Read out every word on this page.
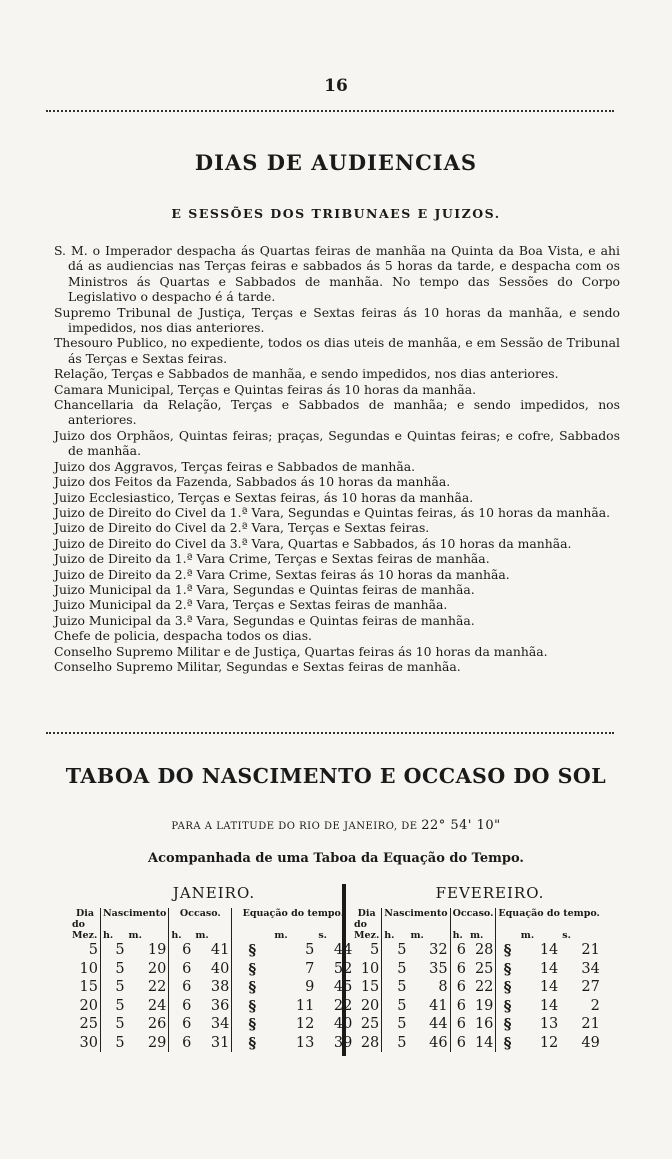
16
DIAS DE AUDIENCIAS
E SESSÕES DOS TRIBUNAES E JUIZOS.

S. M. o Imperador despacha ás Quartas feiras de manhãa na Quinta da Boa Vista, e ahi dá as audiencias nas Terças feiras e sabbados ás 5 horas da tarde, e despacha com os Ministros ás Quartas e Sabbados de manhãa. No tempo das Sessões do Corpo Legislativo o despacho é á tarde.

Supremo Tribunal de Justiça, Terças e Sextas feiras ás 10 horas da manhãa, e sendo impedidos, nos dias anteriores.

Thesouro Publico, no expediente, todos os dias uteis de manhãa, e em Sessão de Tribunal ás Terças e Sextas feiras.

Relação, Terças e Sabbados de manhãa, e sendo impedidos, nos dias anteriores.

Camara Municipal, Terças e Quintas feiras ás 10 horas da manhãa.

Chancellaria da Relação, Terças e Sabbados de manhãa; e sendo impedidos, nos anteriores.

Juizo dos Orphãos, Quintas feiras; praças, Segundas e Quintas feiras; e cofre, Sabbados de manhãa.

Juizo dos Aggravos, Terças feiras e Sabbados de manhãa.

Juizo dos Feitos da Fazenda, Sabbados ás 10 horas da manhãa.

Juizo Ecclesiastico, Terças e Sextas feiras, ás 10 horas da manhãa.

Juizo de Direito do Civel da 1.ª Vara, Segundas e Quintas feiras, ás 10 horas da manhãa.

Juizo de Direito do Civel da 2.ª Vara, Terças e Sextas feiras.

Juizo de Direito do Civel da 3.ª Vara, Quartas e Sabbados, ás 10 horas da manhãa.

Juizo de Direito da 1.ª Vara Crime, Terças e Sextas feiras de manhãa.

Juizo de Direito da 2.ª Vara Crime, Sextas feiras ás 10 horas da manhãa.

Juizo Municipal da 1.ª Vara, Segundas e Quintas feiras de manhãa.

Juizo Municipal da 2.ª Vara, Terças e Sextas feiras de manhãa.

Juizo Municipal da 3.ª Vara, Segundas e Quintas feiras de manhãa.

Chefe de policia, despacha todos os dias.

Conselho Supremo Militar e de Justiça, Quartas feiras ás 10 horas da manhãa.

Conselho Supremo Militar, Segundas e Sextas feiras de manhãa.

TABOA DO NASCIMENTO E OCCASO DO SOL
PARA A LATITUDE DO RIO DE JANEIRO, DE 22° 54' 10"
Acompanhada de uma Taboa da Equação do Tempo.
JANEIRO.	FEVEREIRO.
Dia	Nascimento		Occaso.		Equação do tempo.		
do							
Mez.	h.	m.	h.	m.		m.	s.
5	5	19	6	41	§	5	44
10	5	20	6	40	§	7	52
15	5	22	6	38	§	9	45
20	5	24	6	36	§	11	22
25	5	26	6	34	§	12	40
30	5	29	6	31	§	13	39
Dia	Nascimento		Occaso.		Equação do tempo.		
do							
Mez.	h.	m.	h.	m.		m.	s.
5	5	32	6	28	§	14	21
10	5	35	6	25	§	14	34
15	5	8	6	22	§	14	27
20	5	41	6	19	§	14	2
25	5	44	6	16	§	13	21
28	5	46	6	14	§	12	49
